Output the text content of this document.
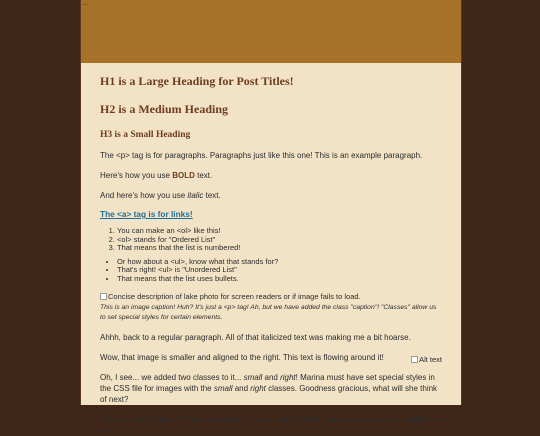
...
H1 is a Large Heading for Post Titles!
H2 is a Medium Heading
H3 is a Small Heading

The <p> tag is for paragraphs. Paragraphs just like this one! This is an example paragraph.

Here's how you use BOLD text.

And here's how you use italic text.

The <a> tag is for links!
1. You can make an <ol> like this!
2. <ol> stands for "Ordered List"
3. That means that the list is numbered!
• Or how about a <ul>, know what that stands for?
• That's right! <ul> is "Unordered List"
• That means that the list uses bullets.
Concise description of lake photo for screen readers or if image fails to load.

This is an image caption! Huh? It's just a <p> tag! Ah, but we have added the class "caption"! "Classes" allow us to set special styles for certain elements.

Ahhh, back to a regular paragraph. All of that italicized text was making me a bit hoarse.

Alt text
Wow, that image is smaller and aligned to the right. This text is flowing around it!

Oh, I see... we added two classes to it... small and right! Marina must have set special styles in the CSS file for images with the small and right classes. Goodness gracious, what will she think of next?

You might be confused if you're viewing this on a phone. When the screen gets really small, then the
